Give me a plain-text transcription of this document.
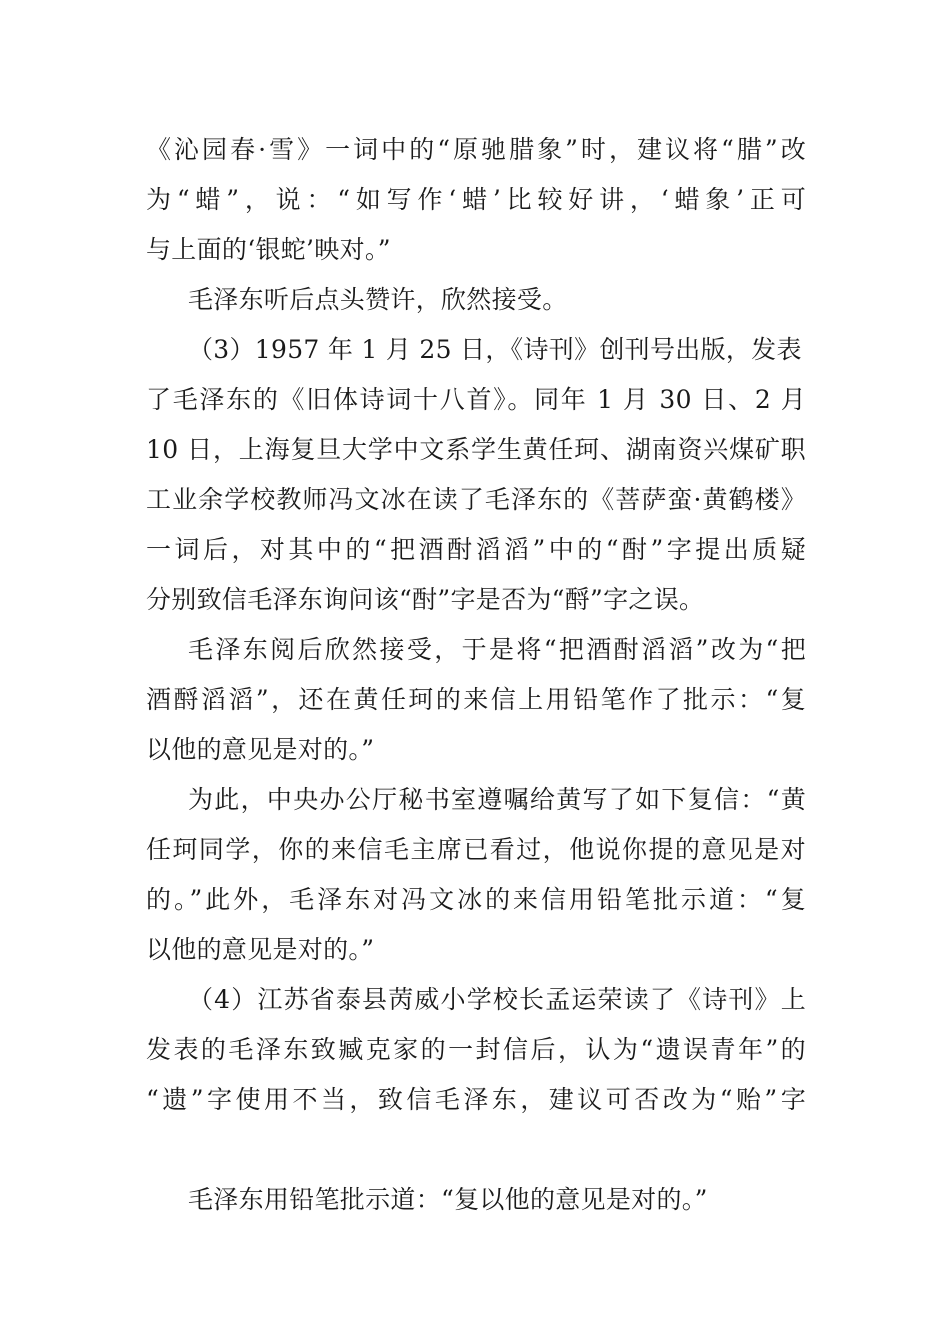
《沁园春·雪》一词中的“原驰腊象”时，建议将“腊”改
为“蜡”，说：“如写作‘蜡’比较好讲，‘蜡象’正可
与上面的‘银蛇’映对。”
毛泽东听后点头赞许，欣然接受。
（3）1957 年 1 月 25 日，《诗刊》创刊号出版，发表
了毛泽东的《旧体诗词十八首》。同年 1 月 30 日、2 月
10 日，上海复旦大学中文系学生黄任珂、湖南资兴煤矿职
工业余学校教师冯文冰在读了毛泽东的《菩萨蛮·黄鹤楼》
一词后，对其中的“把酒酎滔滔”中的“酎”字提出质疑
分别致信毛泽东询问该“酎”字是否为“酹”字之误。
毛泽东阅后欣然接受，于是将“把酒酎滔滔”改为“把
酒酹滔滔”，还在黄任珂的来信上用铅笔作了批示：“复
以他的意见是对的。”
为此，中央办公厅秘书室遵嘱给黄写了如下复信：“黄
任珂同学，你的来信毛主席已看过，他说你提的意见是对
的。”此外，毛泽东对冯文冰的来信用铅笔批示道：“复
以他的意见是对的。”
（4）江苏省泰县苪威小学校长孟运荣读了《诗刊》上
发表的毛泽东致臧克家的一封信后，认为“遗误青年”的
“遗”字使用不当，致信毛泽东，建议可否改为“贻”字
毛泽东用铅笔批示道：“复以他的意见是对的。”
